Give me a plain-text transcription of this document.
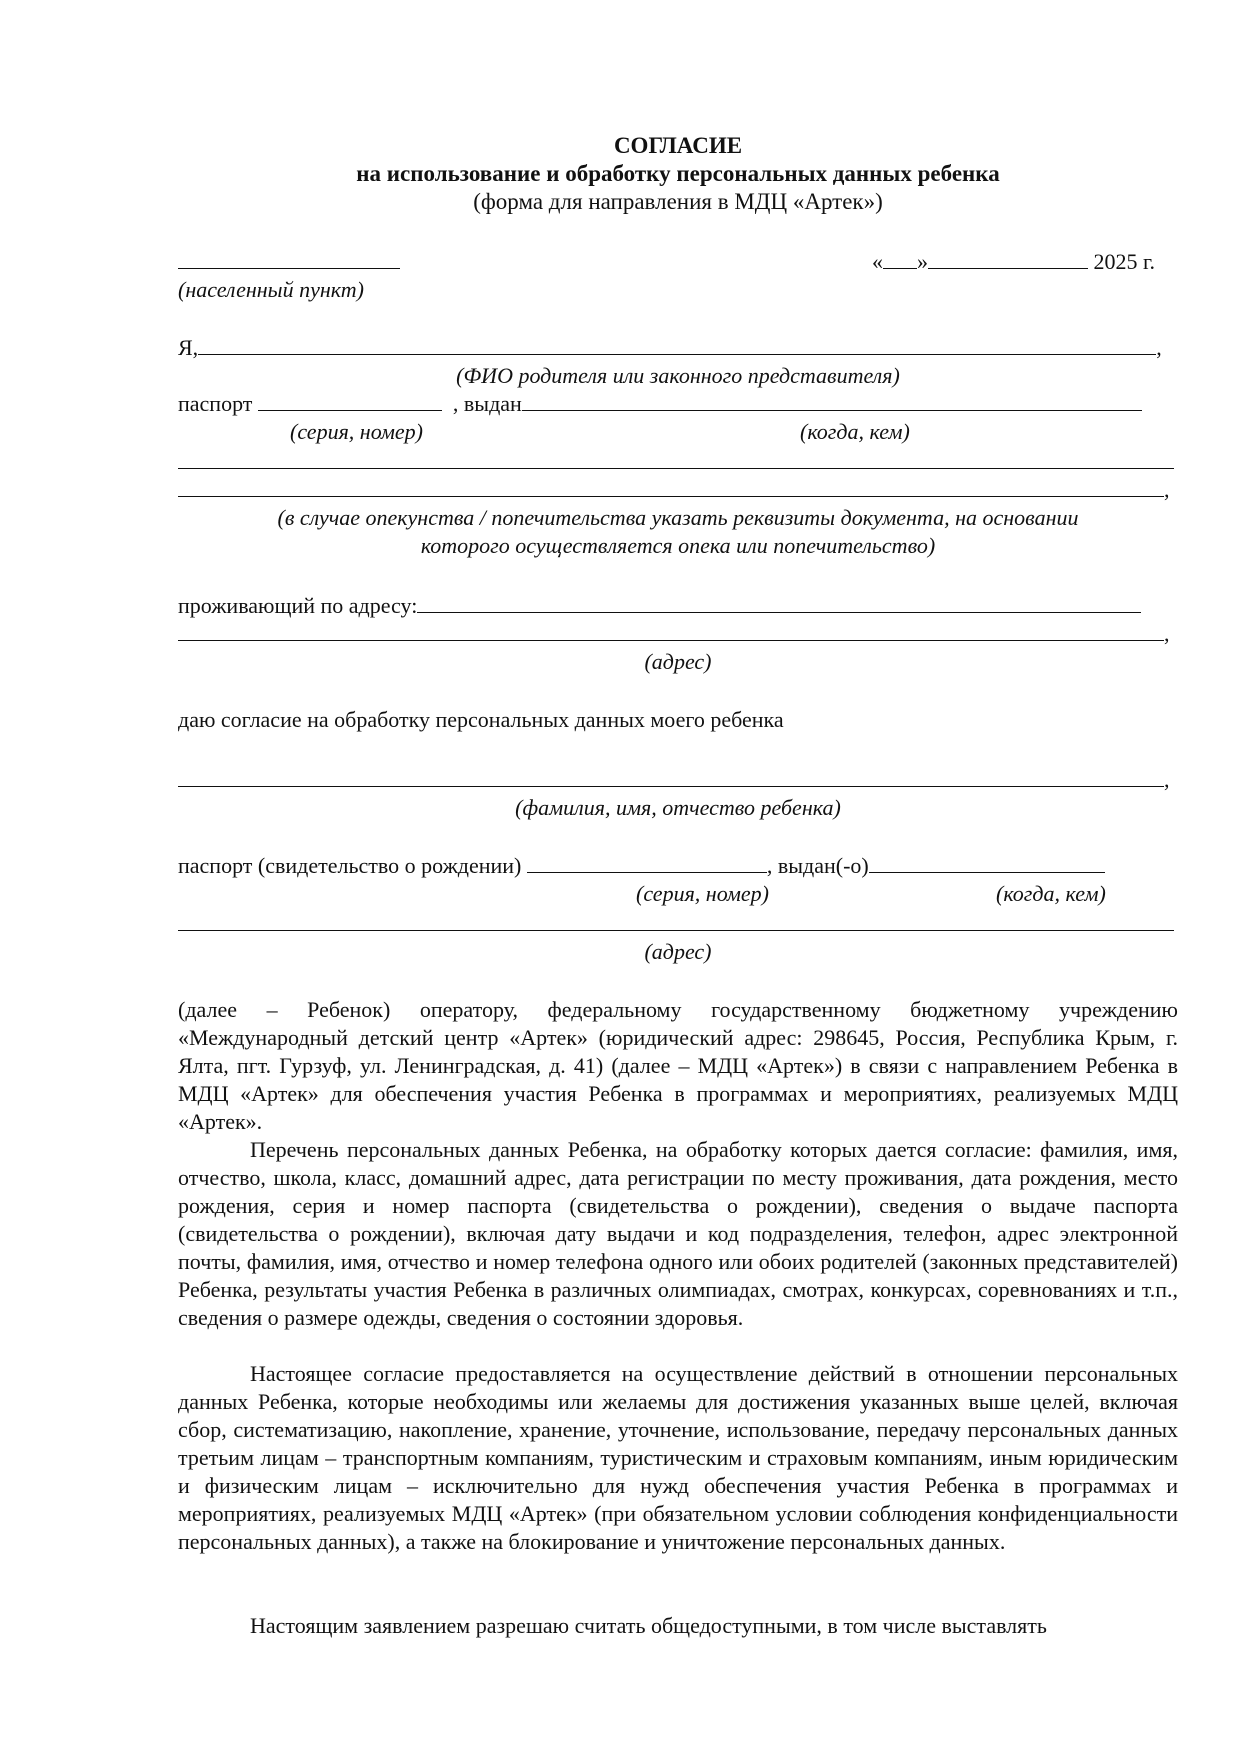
СОГЛАСИЕ
на использование и обработку персональных данных ребенка
(форма для направления в МДЦ «Артек»)
« »	2025 г.
(населенный пункт)
Я,	,
(ФИО родителя или законного представителя)
паспорт	, выдан
(серия, номер)	(когда, кем)
,
(в случае опекунства / попечительства указать реквизиты документа, на основании
которого осуществляется опека или попечительство)
проживающий по адресу:
,
(адрес)
даю согласие на обработку персональных данных моего ребенка
,
(фамилия, имя, отчество ребенка)
паспорт (свидетельство о рождении)	, выдан(-о)
(серия, номер)	(когда, кем)
(адрес)
(далее – Ребенок) оператору, федеральному государственному бюджетному учреждению «Международный детский центр «Артек» (юридический адрес: 298645, Россия, Республика Крым, г. Ялта, пгт. Гурзуф, ул. Ленинградская, д. 41) (далее – МДЦ «Артек») в связи с направлением Ребенка в МДЦ «Артек» для обеспечения участия Ребенка в программах и мероприятиях, реализуемых МДЦ «Артек».
Перечень персональных данных Ребенка, на обработку которых дается согласие: фамилия, имя, отчество, школа, класс, домашний адрес, дата регистрации по месту проживания, дата рождения, место рождения, серия и номер паспорта (свидетельства о рождении), сведения о выдаче паспорта (свидетельства о рождении), включая дату выдачи и код подразделения, телефон, адрес электронной почты, фамилия, имя, отчество и номер телефона одного или обоих родителей (законных представителей) Ребенка, результаты участия Ребенка в различных олимпиадах, смотрах, конкурсах, соревнованиях и т.п., сведения о размере одежды, сведения о состоянии здоровья.
Настоящее согласие предоставляется на осуществление действий в отношении персональных данных Ребенка, которые необходимы или желаемы для достижения указанных выше целей, включая сбор, систематизацию, накопление, хранение, уточнение, использование, передачу персональных данных третьим лицам – транспортным компаниям, туристическим и страховым компаниям, иным юридическим и физическим лицам – исключительно для нужд обеспечения участия Ребенка в программах и мероприятиях, реализуемых МДЦ «Артек» (при обязательном условии соблюдения конфиденциальности персональных данных), а также на блокирование и уничтожение персональных данных.
Настоящим заявлением разрешаю считать общедоступными, в том числе выставлять
